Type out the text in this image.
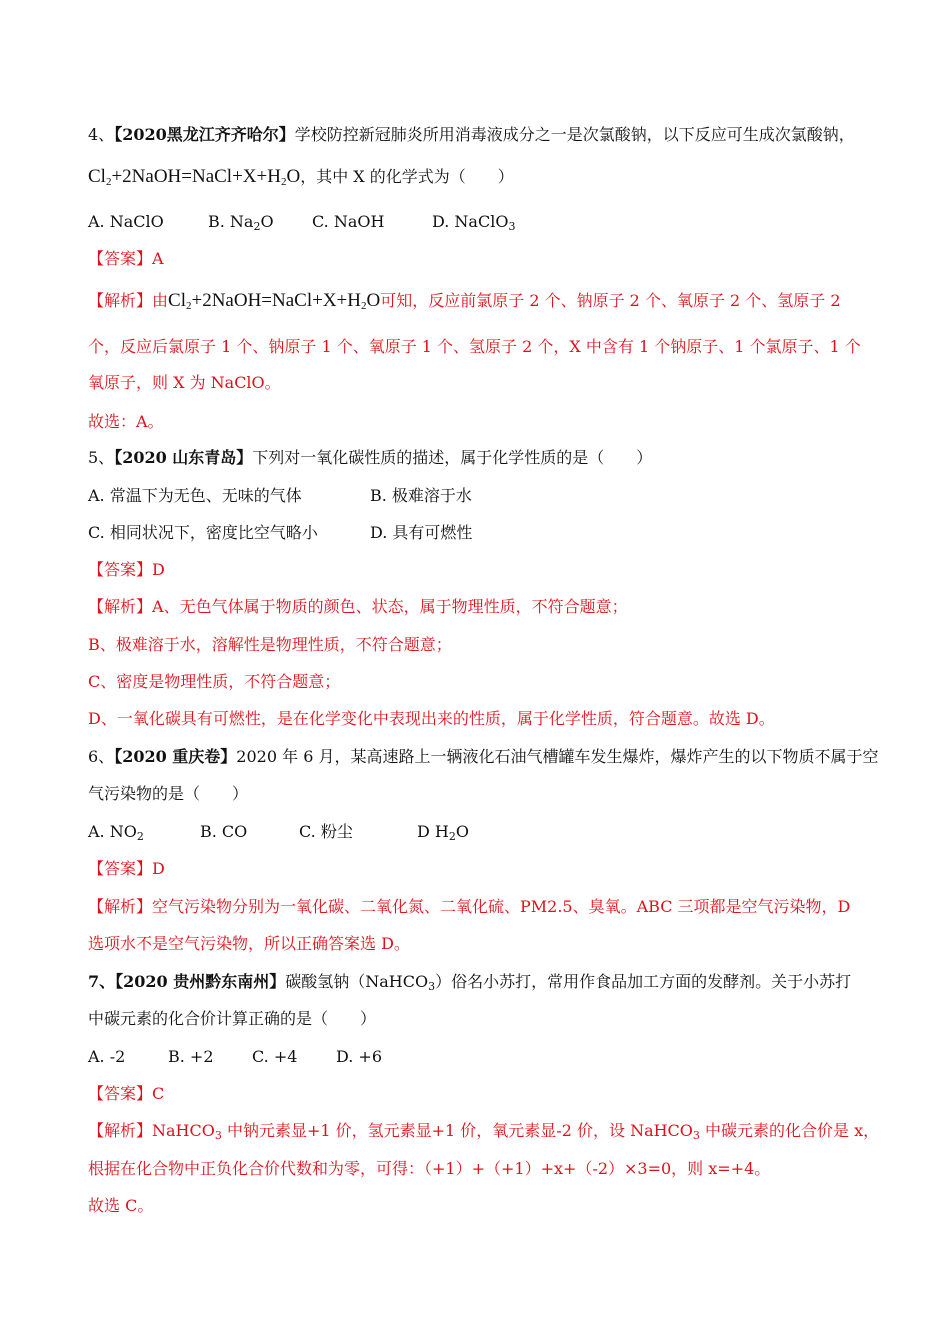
4、【2020黑龙江齐齐哈尔】学校防控新冠肺炎所用消毒液成分之一是次氯酸钠，以下反应可生成次氯酸钠，
$Cl_2+2NaOH=NaCl+X+H_2O$，其中 X 的化学式为（　　）
A. NaClO	B. $Na_2O$ C. NaOH	D. NaClO$_3$
【答案】A
【解析】由$Cl_2+2NaOH=NaCl+X+H_2O$可知，反应前氯原子 2 个、钠原子 2 个、氧原子 2 个、氢原子 2
个，反应后氯原子 1 个、钠原子 1 个、氧原子 1 个、氢原子 2 个，X 中含有 1 个钠原子、1 个氯原子、1 个
氧原子，则 X 为 NaClO。
故选：A。
5、【2020 山东青岛】下列对一氧化碳性质的描述，属于化学性质的是（　　）
A. 常温下为无色、无味的气体	B. 极难溶于水
C. 相同状况下，密度比空气略小	D. 具有可燃性
【答案】D
【解析】A、无色气体属于物质的颜色、状态，属于物理性质，不符合题意；
B、极难溶于水，溶解性是物理性质，不符合题意；
C、密度是物理性质，不符合题意；
D、一氧化碳具有可燃性，是在化学变化中表现出来的性质，属于化学性质，符合题意。故选 D。
6、【2020 重庆卷】2020 年 6 月，某高速路上一辆液化石油气槽罐车发生爆炸，爆炸产生的以下物质不属于空
气污染物的是（　　）
A. $NO_2$	B. CO	C. 粉尘	D $H_2O$
【答案】D
【解析】空气污染物分别为一氧化碳、二氧化氮、二氧化硫、PM2.5、臭氧。ABC 三项都是空气污染物，D
选项水不是空气污染物，所以正确答案选 D。
7、【2020 贵州黔东南州】碳酸氢钠（NaHCO$_3$）俗名小苏打，常用作食品加工方面的发酵剂。关于小苏打
中碳元素的化合价计算正确的是（　　）
A. -2	B. +2 C. +4 D. +6
【答案】C
【解析】NaHCO$_3$ 中钠元素显+1 价，氢元素显+1 价，氧元素显-2 价，设 NaHCO$_3$ 中碳元素的化合价是 x，
根据在化合物中正负化合价代数和为零，可得：（+1）+（+1）+x+（-2）×3=0，则 x=+4。
故选 C。
